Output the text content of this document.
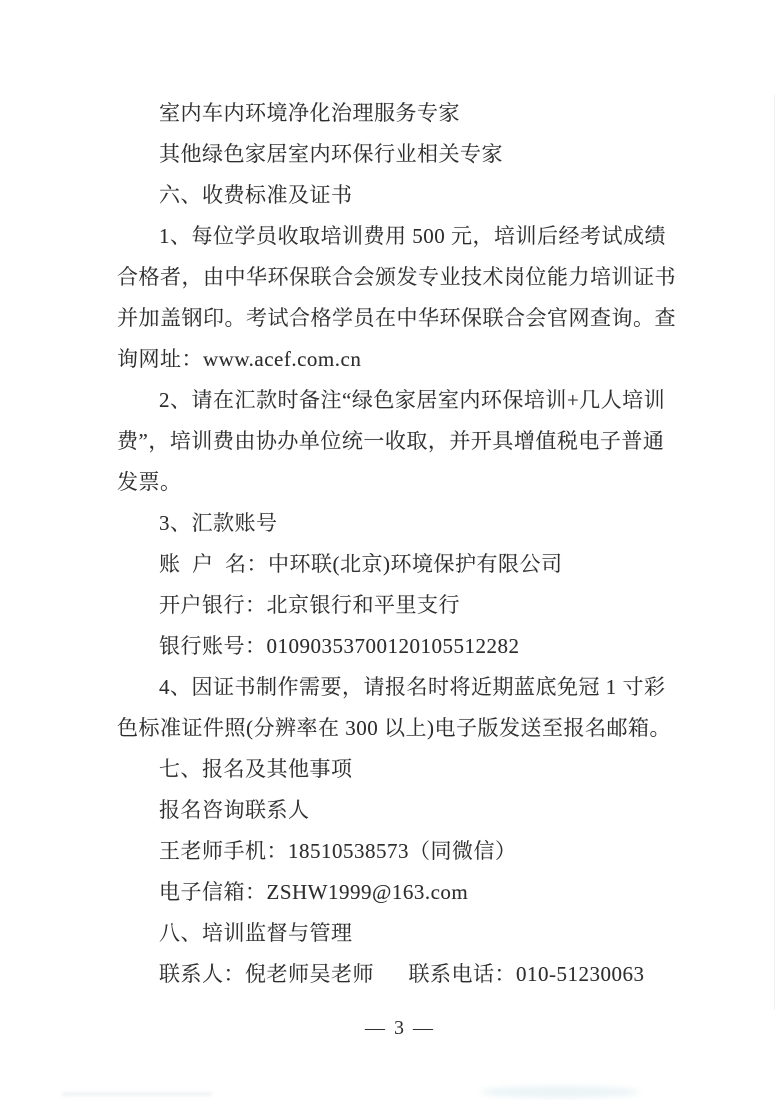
室内车内环境净化治理服务专家
其他绿色家居室内环保行业相关专家
六、收费标准及证书
1、每位学员收取培训费用 500 元，培训后经考试成绩
合格者，由中华环保联合会颁发专业技术岗位能力培训证书
并加盖钢印。考试合格学员在中华环保联合会官网查询。查
询网址：www.acef.com.cn
2、请在汇款时备注“绿色家居室内环保培训+几人培训
费”，培训费由协办单位统一收取，并开具增值税电子普通
发票。
3、汇款账号
账  户  名：中环联(北京)环境保护有限公司
开户银行：北京银行和平里支行
银行账号：01090353700120105512282
4、因证书制作需要，请报名时将近期蓝底免冠 1 寸彩
色标准证件照(分辨率在 300 以上)电子版发送至报名邮箱。
七、报名及其他事项
报名咨询联系人
王老师手机：18510538573（同微信）
电子信箱：ZSHW1999@163.com
八、培训监督与管理
联系人：倪老师吴老师      联系电话：010-51230063
— 3 —
